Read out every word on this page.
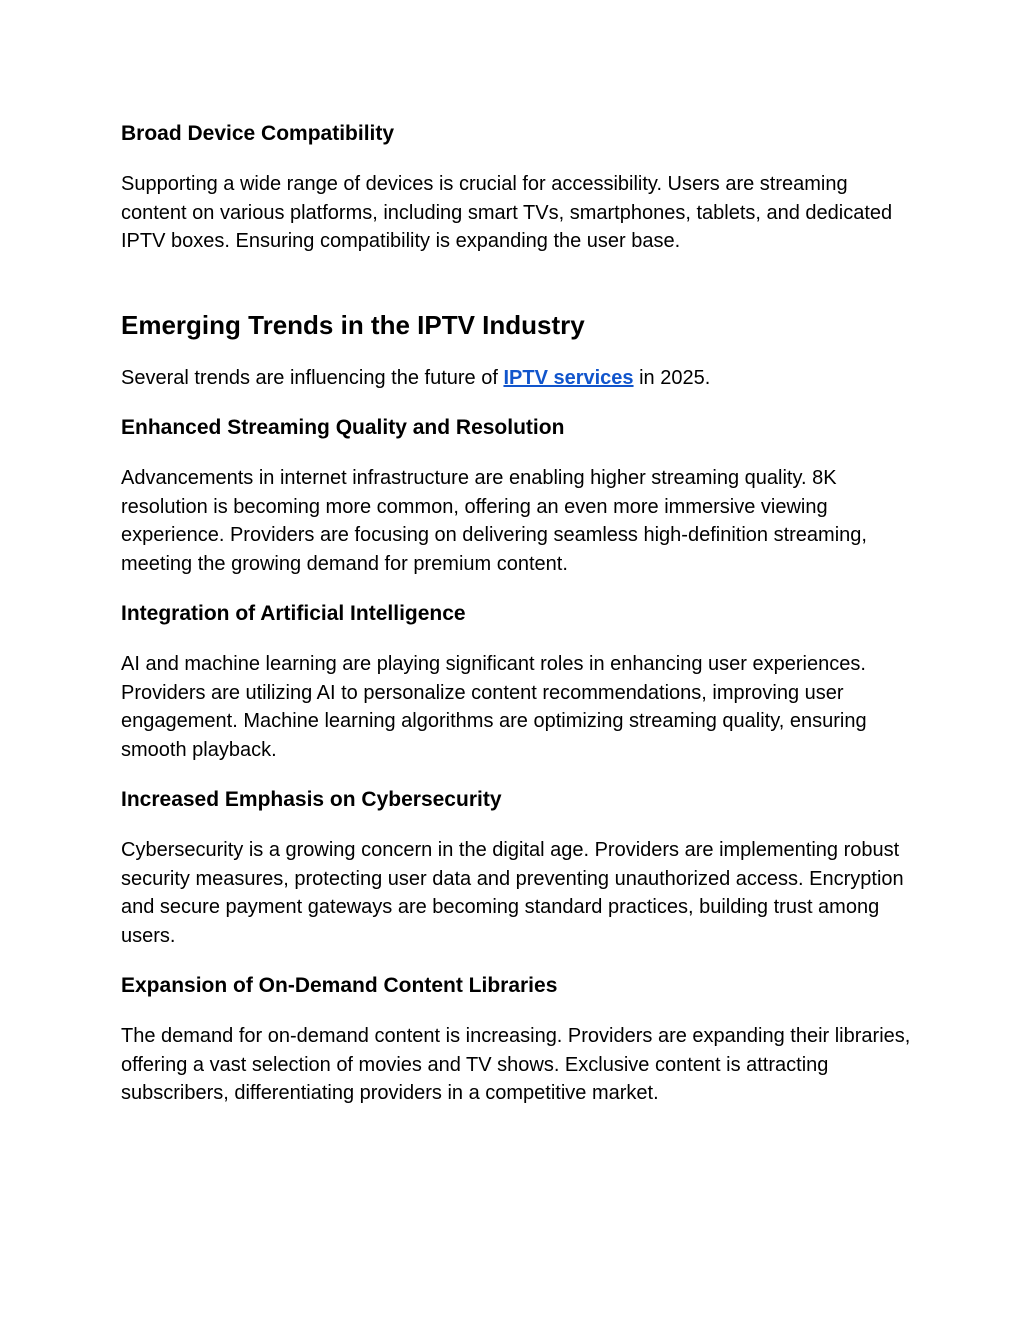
Broad Device Compatibility

Supporting a wide range of devices is crucial for accessibility. Users are streaming content on various platforms, including smart TVs, smartphones, tablets, and dedicated IPTV boxes. Ensuring compatibility is expanding the user base.

Emerging Trends in the IPTV Industry

Several trends are influencing the future of IPTV services in 2025.

Enhanced Streaming Quality and Resolution

Advancements in internet infrastructure are enabling higher streaming quality. 8K resolution is becoming more common, offering an even more immersive viewing experience. Providers are focusing on delivering seamless high-definition streaming, meeting the growing demand for premium content.

Integration of Artificial Intelligence

AI and machine learning are playing significant roles in enhancing user experiences. Providers are utilizing AI to personalize content recommendations, improving user engagement. Machine learning algorithms are optimizing streaming quality, ensuring smooth playback.

Increased Emphasis on Cybersecurity

Cybersecurity is a growing concern in the digital age. Providers are implementing robust security measures, protecting user data and preventing unauthorized access. Encryption and secure payment gateways are becoming standard practices, building trust among users.

Expansion of On-Demand Content Libraries

The demand for on-demand content is increasing. Providers are expanding their libraries, offering a vast selection of movies and TV shows. Exclusive content is attracting subscribers, differentiating providers in a competitive market.
